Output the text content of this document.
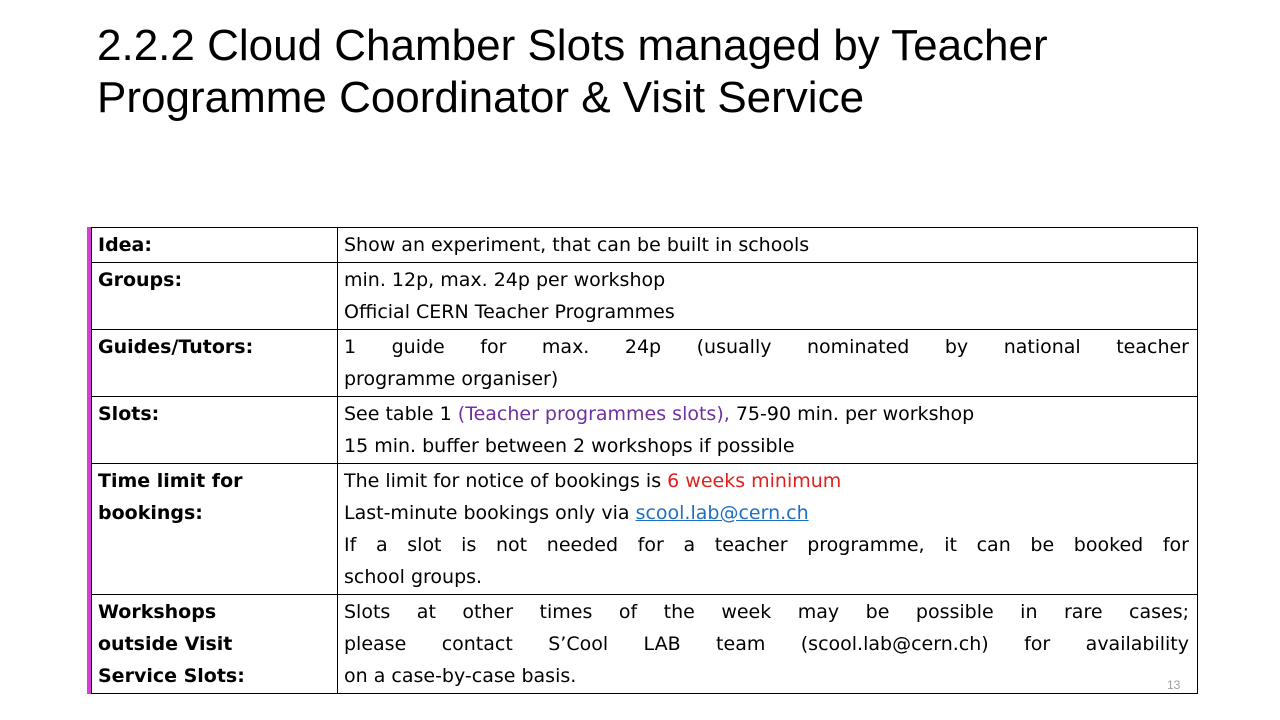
2.2.2 Cloud Chamber Slots managed by Teacher Programme Coordinator & Visit Service
Idea:	Show an experiment, that can be built in schools

Groups:	min. 12p, max. 24p per workshop
Official CERN Teacher Programmes

Guides/Tutors:	1 guide for max. 24p (usually nominated by national teacher
programme organiser)

Slots:	See table 1 (Teacher programmes slots), 75-90 min. per workshop
15 min. buffer between 2 workshops if possible

Time limit for
bookings:	The limit for notice of bookings is 6 weeks minimum
Last-minute bookings only via scool.lab@cern.ch
If a slot is not needed for a teacher programme, it can be booked for
school groups.

Workshops
outside Visit
Service Slots:	Slots at other times of the week may be possible in rare cases;
please contact S’Cool LAB team (scool.lab@cern.ch) for availability
on a case-by-case basis.	13
